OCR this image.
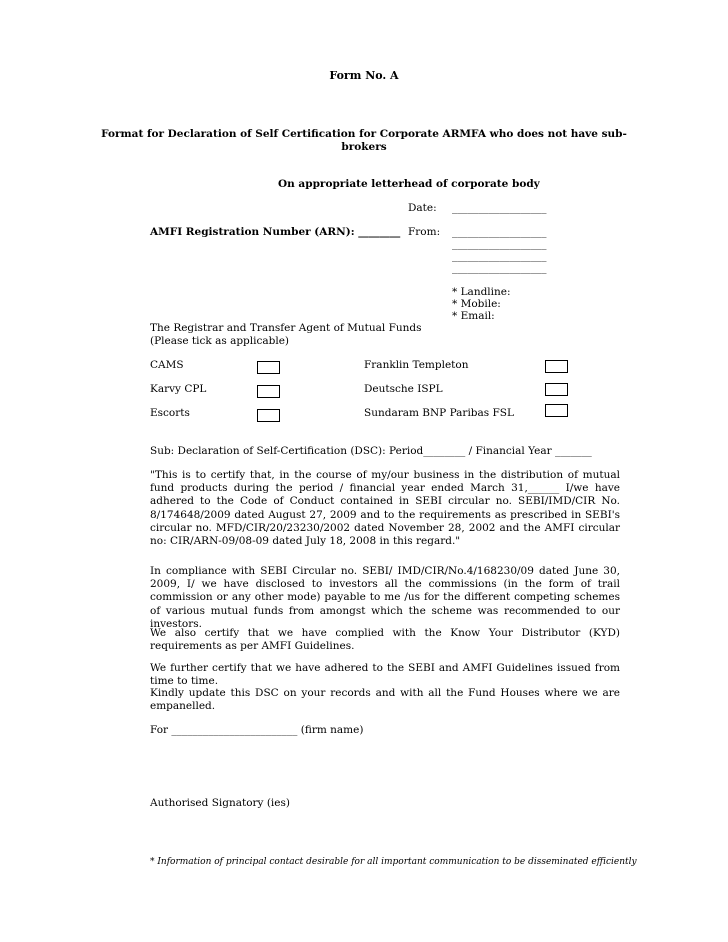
Form No. A
Format for Declaration of Self Certification for Corporate ARMFA who does not have sub-
brokers
On appropriate letterhead of corporate body
Date: __________________
AMFI Registration Number (ARN): ________ From: __________________
__________________
__________________
__________________
* Landline:
* Mobile:
* Email:
The Registrar and Transfer Agent of Mutual Funds
(Please tick as applicable)
CAMS	Franklin Templeton
Karvy CPL	Deutsche ISPL
Escorts	Sundaram BNP Paribas FSL
Sub: Declaration of Self-Certification (DSC): Period________ / Financial Year _______
"This is to certify that, in the course of my/our business in the distribution of mutual fund products during the period / financial year ended March 31,______ I/we have adhered to the Code of Conduct contained in SEBI circular no. SEBI/IMD/CIR No. 8/174648/2009 dated August 27, 2009 and to the requirements as prescribed in SEBI's circular no. MFD/CIR/20/23230/2002 dated November 28, 2002 and the AMFI circular no: CIR/ARN-09/08-09 dated July 18, 2008 in this regard."
In compliance with SEBI Circular no. SEBI/ IMD/CIR/No.4/168230/09 dated June 30, 2009, I/ we have disclosed to investors all the commissions (in the form of trail commission or any other mode) payable to me /us for the different competing schemes of various mutual funds from amongst which the scheme was recommended to our investors.
We also certify that we have complied with the Know Your Distributor (KYD) requirements as per AMFI Guidelines.
We further certify that we have adhered to the SEBI and AMFI Guidelines issued from time to time.
Kindly update this DSC on your records and with all the Fund Houses where we are empanelled.
For ________________________ (firm name)
Authorised Signatory (ies)
* Information of principal contact desirable for all important communication to be disseminated efficiently
